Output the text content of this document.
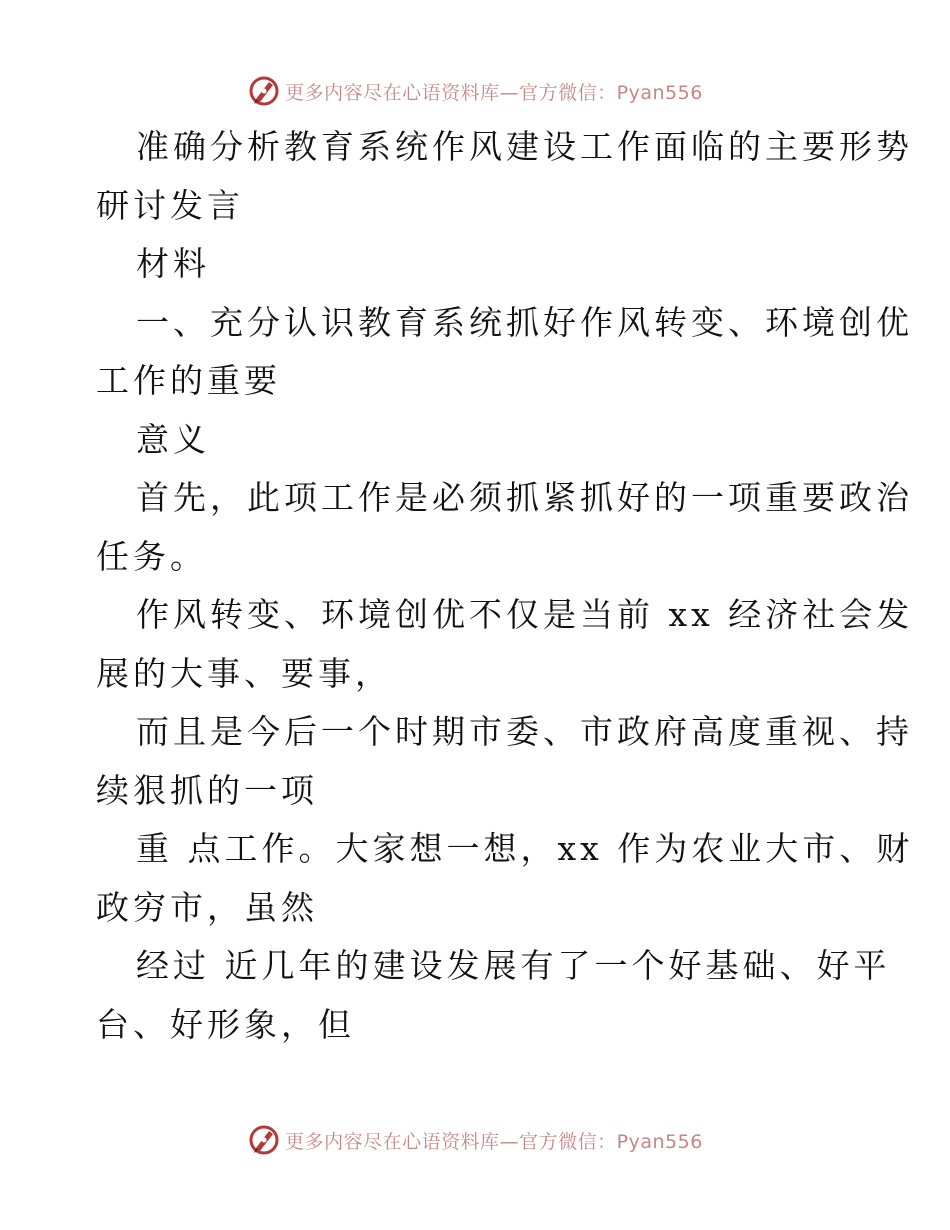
更多内容尽在心语资料库 —官方微信：Pyan556
准确分析教育系统作风建设工作面临的主要形势
研讨发言
材料
一、充分认识教育系统抓好作风转变、环境创优
工作的重要
意义
首先，此项工作是必须抓紧抓好的一项重要政治
任务。
作风转变、环境创优不仅是当前 xx 经济社会发
展的大事、要事，
而且是今后一个时期市委、市政府高度重视、持
续狠抓的一项
重 点工作。大家想一想，xx 作为农业大市、财
政穷市，虽然
经过 近几年的建设发展有了一个好基础、好平
台、好形象，但
更多内容尽在心语资料库 —官方微信：Pyan556
